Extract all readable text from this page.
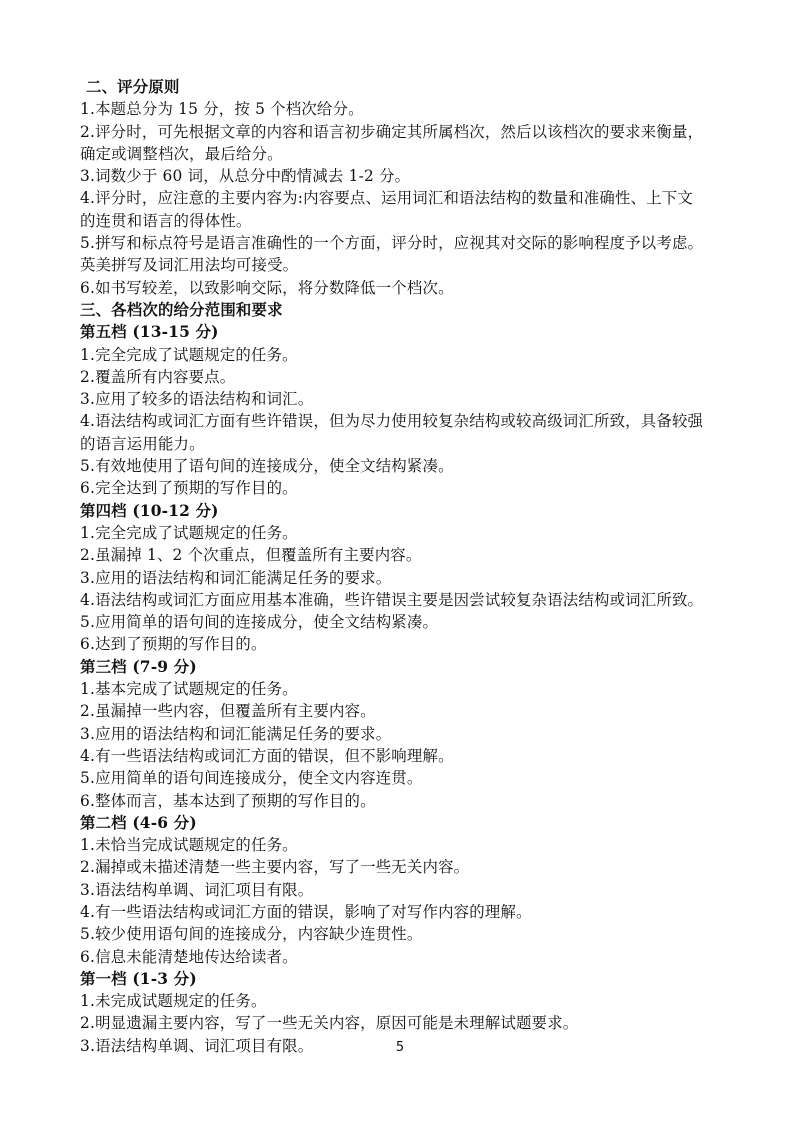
二、评分原则
1.本题总分为 15 分，按 5 个档次给分。
2.评分时，可先根据文章的内容和语言初步确定其所属档次，然后以该档次的要求来衡量，
确定或调整档次，最后给分。
3.词数少于 60 词，从总分中酌情减去 1-2 分。
4.评分时，应注意的主要内容为:内容要点、运用词汇和语法结构的数量和准确性、上下文
的连贯和语言的得体性。
5.拼写和标点符号是语言准确性的一个方面，评分时，应视其对交际的影响程度予以考虑。
英美拼写及词汇用法均可接受。
6.如书写较差，以致影响交际，将分数降低一个档次。
三、各档次的给分范围和要求
第五档 (13-15 分)
1.完全完成了试题规定的任务。
2.覆盖所有内容要点。
3.应用了较多的语法结构和词汇。
4.语法结构或词汇方面有些许错误，但为尽力使用较复杂结构或较高级词汇所致，具备较强
的语言运用能力。
5.有效地使用了语句间的连接成分，使全文结构紧凑。
6.完全达到了预期的写作目的。
第四档 (10-12 分)
1.完全完成了试题规定的任务。
2.虽漏掉 1、2 个次重点，但覆盖所有主要内容。
3.应用的语法结构和词汇能满足任务的要求。
4.语法结构或词汇方面应用基本准确，些许错误主要是因尝试较复杂语法结构或词汇所致。
5.应用简单的语句间的连接成分，使全文结构紧凑。
6.达到了预期的写作目的。
第三档 (7-9 分)
1.基本完成了试题规定的任务。
2.虽漏掉一些内容，但覆盖所有主要内容。
3.应用的语法结构和词汇能满足任务的要求。
4.有一些语法结构或词汇方面的错误，但不影响理解。
5.应用简单的语句间连接成分，使全文内容连贯。
6.整体而言，基本达到了预期的写作目的。
第二档 (4-6 分)
1.未恰当完成试题规定的任务。
2.漏掉或未描述清楚一些主要内容，写了一些无关内容。
3.语法结构单调、词汇项目有限。
4.有一些语法结构或词汇方面的错误，影响了对写作内容的理解。
5.较少使用语句间的连接成分，内容缺少连贯性。
6.信息未能清楚地传达给读者。
第一档 (1-3 分)
1.未完成试题规定的任务。
2.明显遗漏主要内容，写了一些无关内容，原因可能是未理解试题要求。
3.语法结构单调、词汇项目有限。	5
